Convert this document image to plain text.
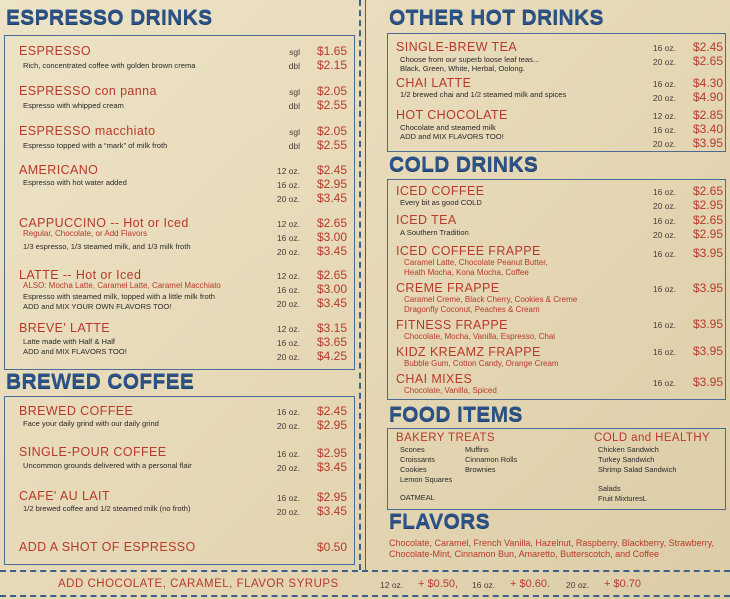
ESPRESSO DRINKS
ESPRESSO
Rich, concentrated coffee with golden brown crema
sgl	$1.65
dbl	$2.15
ESPRESSO con panna
Espresso with whipped cream
sgl	$2.05
dbl	$2.55
ESPRESSO macchiato
Espresso topped with a “mark” of milk froth
sgl	$2.05
dbl	$2.55
AMERICANO
Espresso with hot water added
12 oz.	$2.45
16 oz.	$2.95
20 oz.	$3.45
CAPPUCCINO -- Hot or Iced
Regular, Chocolate, or Add Flavors
1/3 espresso, 1/3 steamed milk, and 1/3 milk froth
12 oz.	$2.65
16 oz.	$3.00
20 oz.	$3.45
LATTE -- Hot or Iced
ALSO: Mocha Latte, Caramel Latte, Caramel Macchiato
Espresso with steamed milk, topped with a little milk froth
ADD and MIX YOUR OWN FLAVORS TOO!
12 oz.	$2.65
16 oz.	$3.00
20 oz.	$3.45
BREVE' LATTE
Latte made with Half & Half
ADD and MIX FLAVORS TOO!
12 oz.	$3.15
16 oz.	$3.65
20 oz.	$4.25
BREWED COFFEE
BREWED COFFEE
Face your daily grind with our daily grind
16 oz.	$2.45
20 oz.	$2.95
SINGLE-POUR COFFEE
Uncommon grounds delivered with a personal flair
16 oz.	$2.95
20 oz.	$3.45
CAFE' AU LAIT
1/2 brewed coffee and 1/2 steamed milk (no froth)
16 oz.	$2.95
20 oz.	$3.45
ADD A SHOT OF ESPRESSO	$0.50
OTHER HOT DRINKS
SINGLE-BREW TEA
Choose from our superb loose leaf teas...
Black, Green, White, Herbal, Oolong.
16 oz.	$2.45
20 oz.	$2.65
CHAI LATTE
1/2 brewed chai and 1/2 steamed milk and spices
16 oz.	$4.30
20 oz.	$4.90
HOT CHOCOLATE
Chocolate and steamed milk
ADD and MIX FLAVORS TOO!
12 oz.	$2.85
16 oz.	$3.40
20 oz.	$3.95
COLD DRINKS
ICED COFFEE
Every bit as good COLD
16 oz.	$2.65
20 oz.	$2.95
ICED TEA
A Southern Tradition
16 oz.	$2.65
20 oz.	$2.95
ICED COFFEE FRAPPE
Caramel Latte, Chocolate Peanut Butter,
Heath Mocha, Kona Mocha, Coffee
16 oz.	$3.95
CREME FRAPPE
Caramel Creme, Black Cherry, Cookies & Creme
Dragonfly Coconut, Peaches & Cream
16 oz.	$3.95
FITNESS FRAPPE
Chocolate, Mocha, Vanilla, Espresso, Chai
16 oz.	$3.95
KIDZ KREAMZ FRAPPE
Bubble Gum, Cotton Candy, Orange Cream
16 oz.	$3.95
CHAI MIXES
Chocolate, Vanilla, Spiced
16 oz.	$3.95
FOOD ITEMS
BAKERY TREATS	COLD and HEALTHY
Scones
Croissants
Cookies
Lemon Squares
Muffins
Cinnamon Rolls
Brownies
OATMEAL
Chicken Sandwich
Turkey Sandwich
Shrimp Salad Sandwich
Salads
Fruit MixturesL
FLAVORS
Chocolate, Caramel, French Vanilla, Hazelnut, Raspberry, Blackberry, Strawberry,
Chocolate-Mint, Cinnamon Bun, Amaretto, Butterscotch, and Coffee
ADD CHOCOLATE, CARAMEL, FLAVOR SYRUPS	12 oz. + $0.50, 16 oz. + $0.60. 20 oz. + $0.70
